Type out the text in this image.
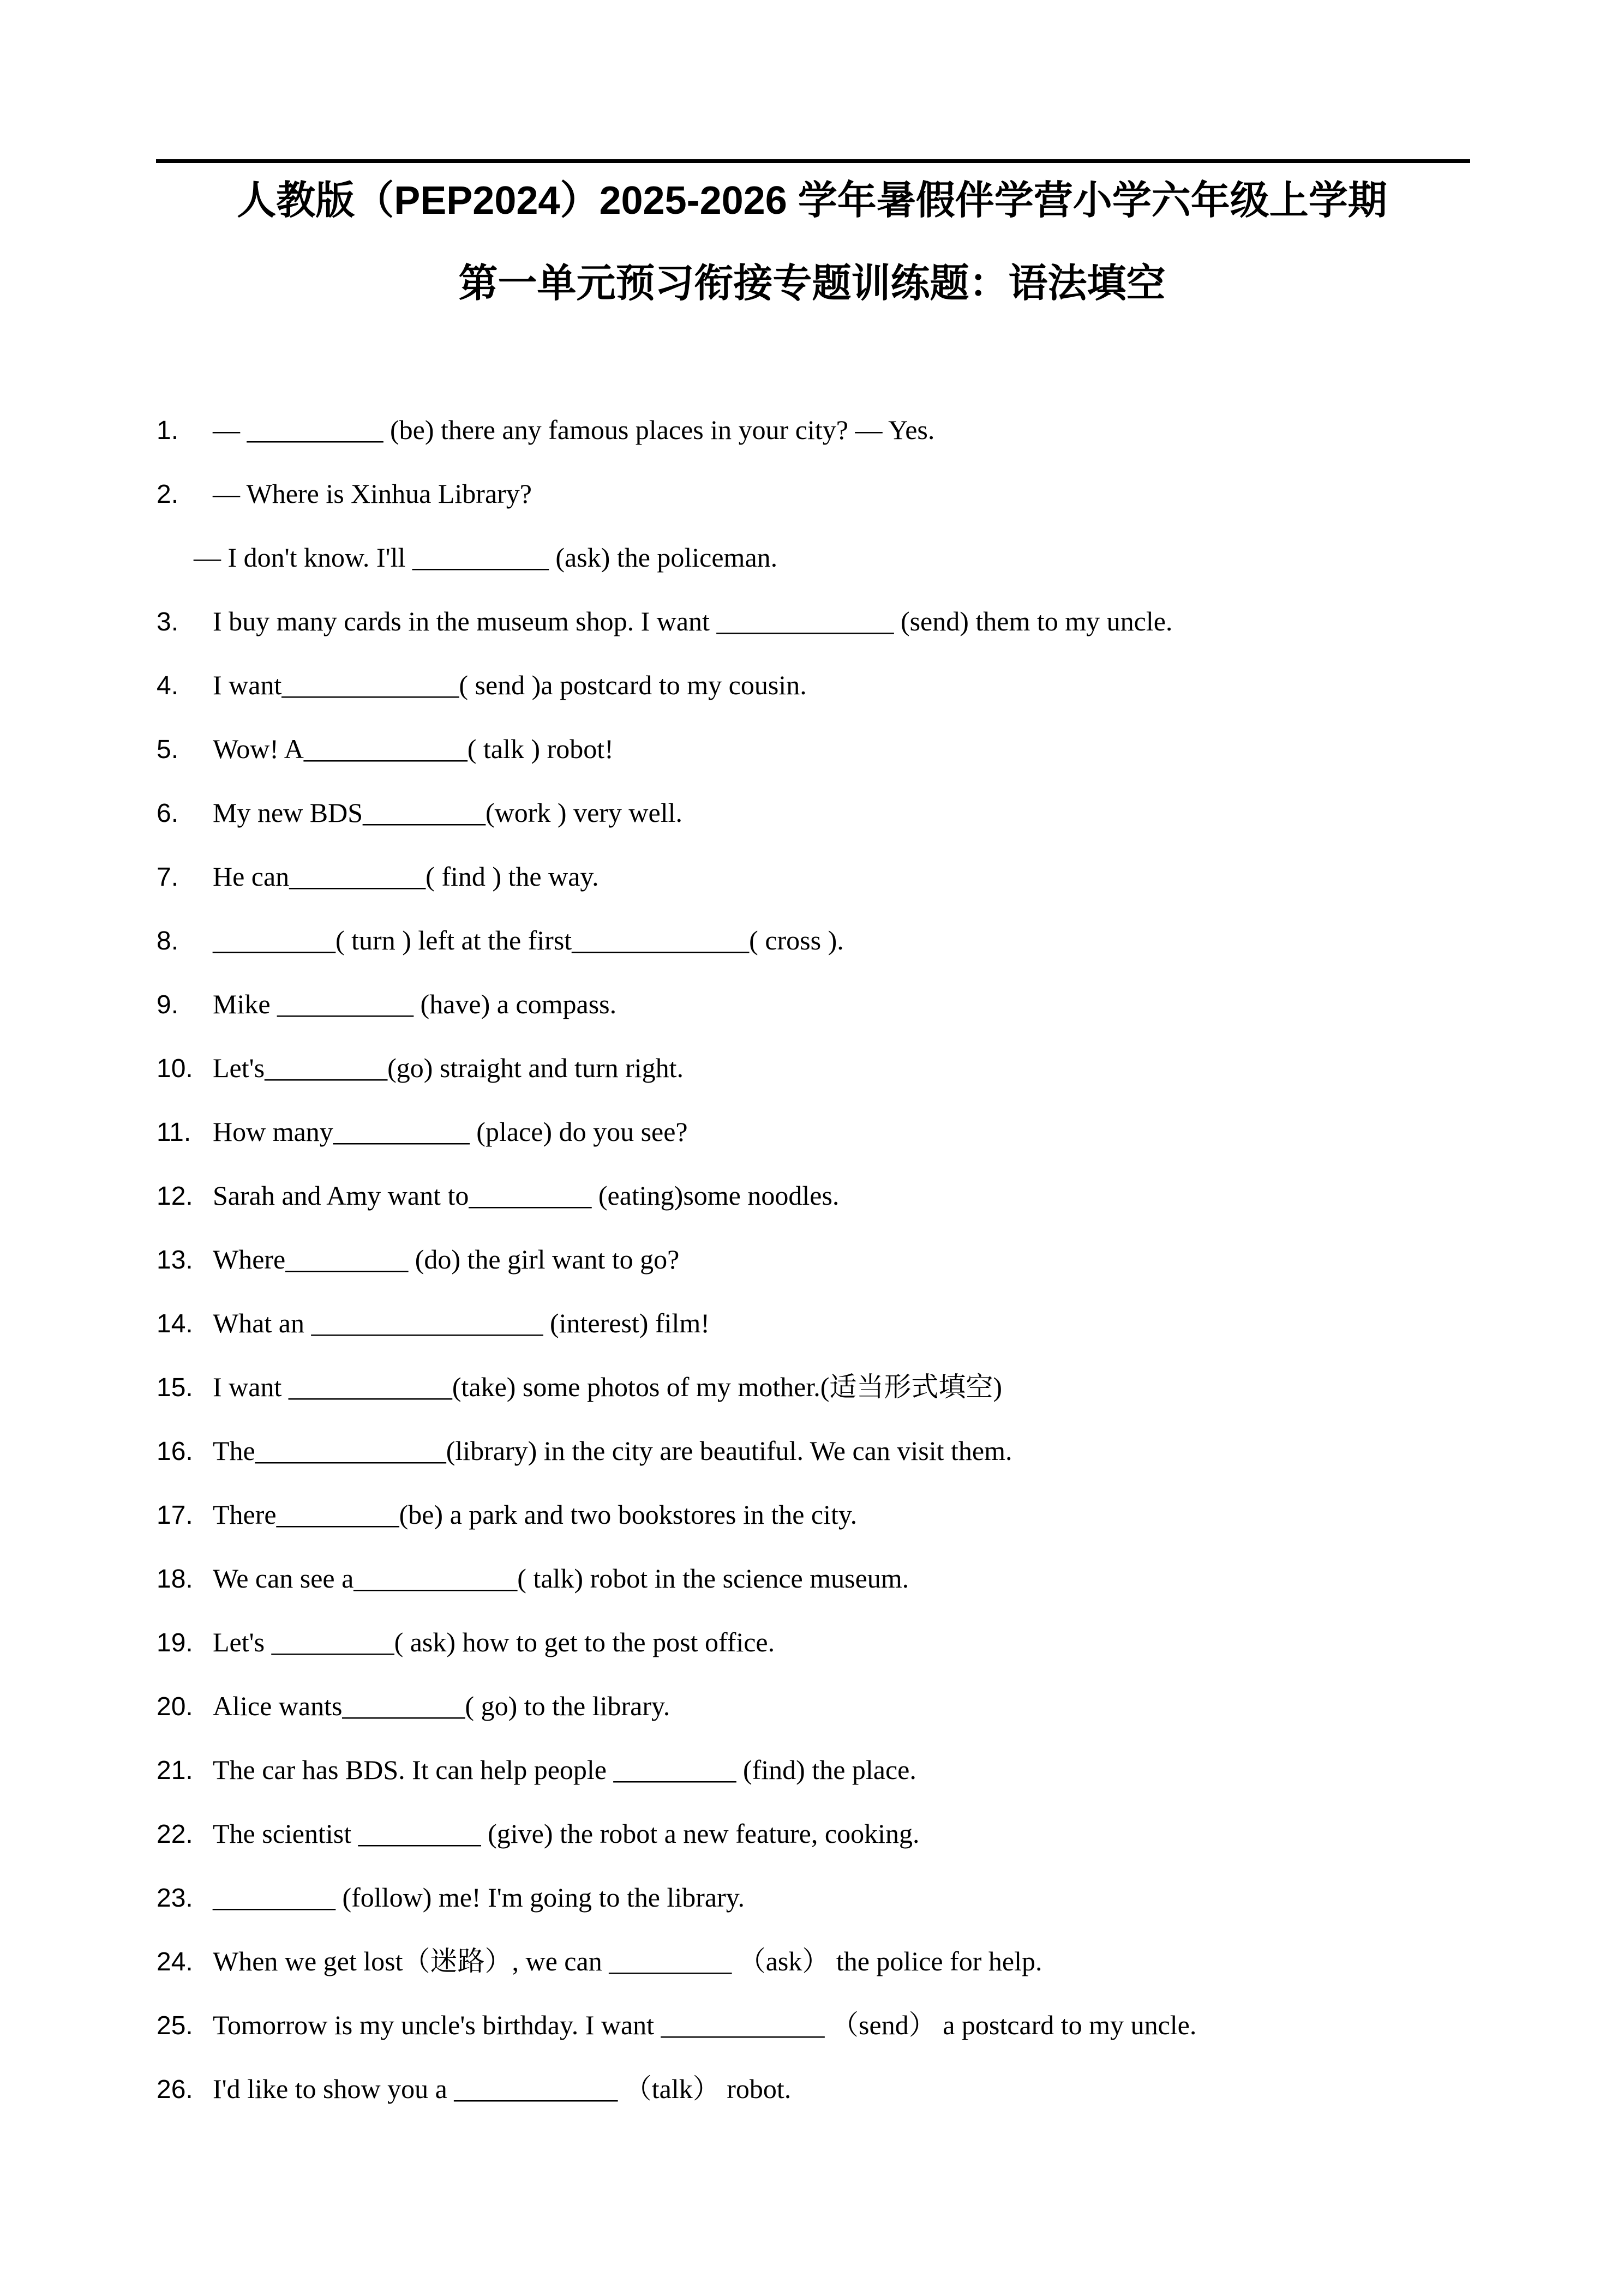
人教版（PEP2024）2025-2026 学年暑假伴学营小学六年级上学期
第一单元预习衔接专题训练题：语法填空
1. — __________ (be) there any famous places in your city? — Yes.
2. — Where is Xinhua Library?
— I don't know. I'll __________ (ask) the policeman.
3. I buy many cards in the museum shop. I want _____________ (send) them to my uncle.
4. I want_____________( send )a postcard to my cousin.
5. Wow! A____________( talk ) robot!
6. My new BDS_________(work ) very well.
7. He can__________( find ) the way.
8. _________( turn ) left at the first_____________( cross ).
9. Mike __________ (have) a compass.
10. Let's_________(go) straight and turn right.
11. How many__________ (place) do you see?
12. Sarah and Amy want to_________ (eating)some noodles.
13. Where_________ (do) the girl want to go?
14. What an _________________ (interest) film!
15. I want ____________(take) some photos of my mother.(适当形式填空)
16. The______________(library) in the city are beautiful. We can visit them.
17. There_________(be) a park and two bookstores in the city.
18. We can see a____________( talk) robot in the science museum.
19. Let's _________( ask) how to get to the post office.
20. Alice wants_________( go) to the library.
21. The car has BDS. It can help people _________ (find) the place.
22. The scientist _________ (give) the robot a new feature, cooking.
23. _________ (follow) me! I'm going to the library.
24. When we get lost（迷路）, we can _________ （ask） the police for help.
25. Tomorrow is my uncle's birthday. I want ____________ （send） a postcard to my uncle.
26. I'd like to show you a ____________ （talk） robot.
